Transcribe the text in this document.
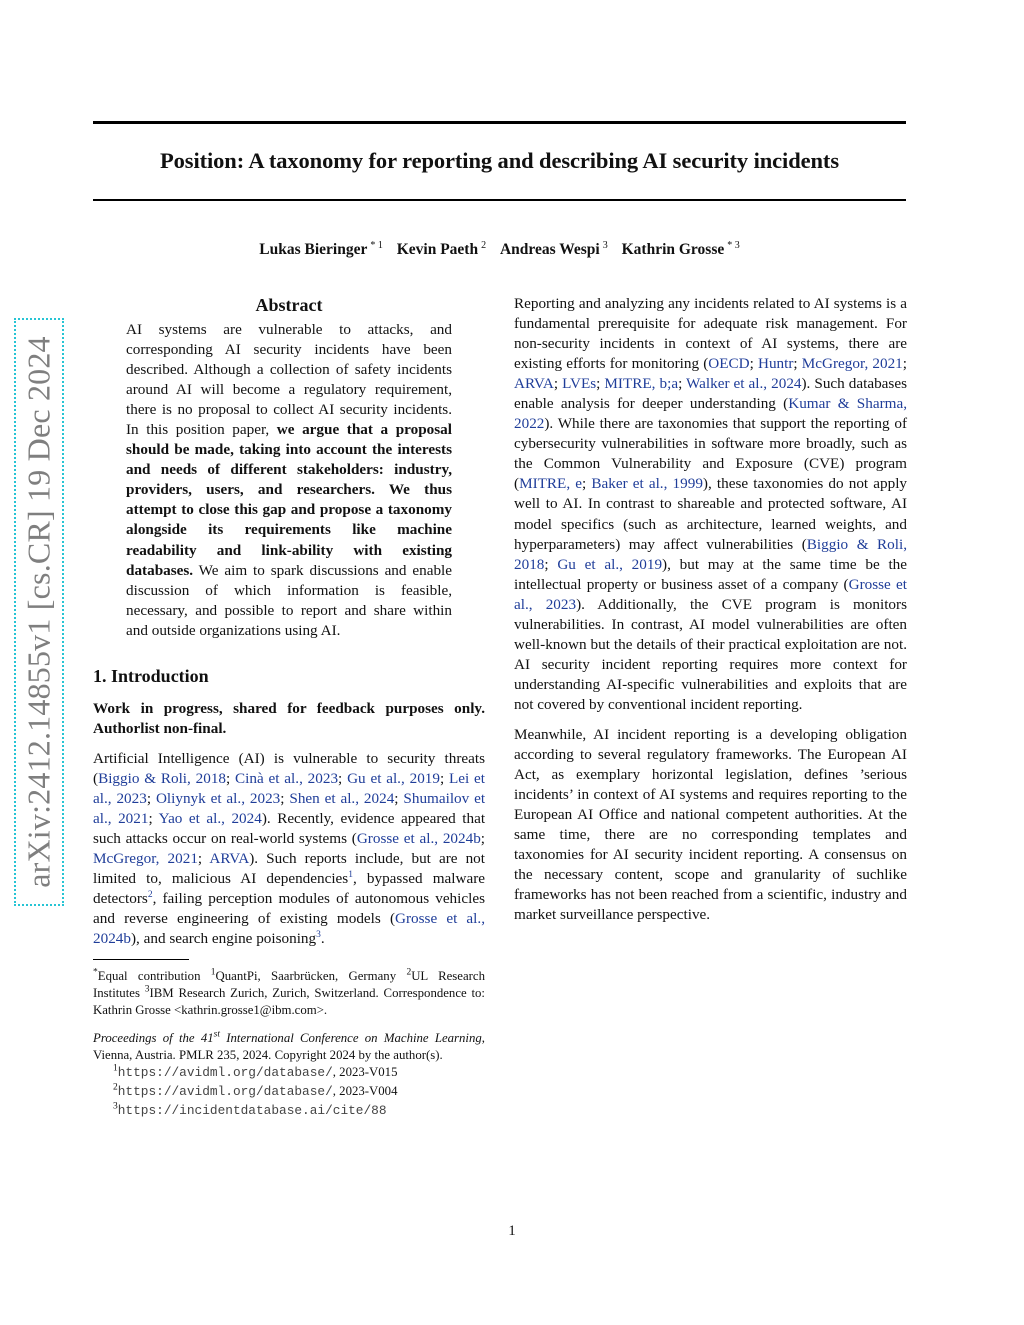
Position: A taxonomy for reporting and describing AI security incidents
Lukas Bieringer $^{* 1}$ Kevin Paeth $^2$ Andreas Wespi $^3$ Kathrin Grosse $^{* 3}$
arXiv:2412.14855v1 [cs.CR] 19 Dec 2024
Abstract

AI systems are vulnerable to attacks, and corresponding AI security incidents have been described. Although a collection of safety incidents around AI will become a regulatory requirement, there is no proposal to collect AI security incidents. In this position paper, we argue that a proposal should be made, taking into account the interests and needs of different stakeholders: industry, providers, users, and researchers. We thus attempt to close this gap and propose a taxonomy alongside its requirements like machine readability and link-ability with existing databases. We aim to spark discussions and enable discussion of which information is feasible, necessary, and possible to report and share within and outside organizations using AI.

1. Introduction

Work in progress, shared for feedback purposes only. Authorlist non-final.

Artificial Intelligence (AI) is vulnerable to security threats (Biggio & Roli, 2018; Cinà et al., 2023; Gu et al., 2019; Lei et al., 2023; Oliynyk et al., 2023; Shen et al., 2024; Shumailov et al., 2021; Yao et al., 2024). Recently, evidence appeared that such attacks occur on real-world systems (Grosse et al., 2024b; McGregor, 2021; ARVA). Such reports include, but are not limited to, malicious AI dependencies$^1$, bypassed malware detectors$^2$, failing perception modules of autonomous vehicles and reverse engineering of existing models (Grosse et al., 2024b), and search engine poisoning$^3$.

*Equal contribution $^1$QuantPi, Saarbrücken, Germany $^2$UL Research Institutes $^3$IBM Research Zurich, Zurich, Switzerland. Correspondence to: Kathrin Grosse <kathrin.grosse1@ibm.com>.

Proceedings of the 41st International Conference on Machine Learning, Vienna, Austria. PMLR 235, 2024. Copyright 2024 by the author(s).

$^1$https://avidml.org/database/, 2023-V015

$^2$https://avidml.org/database/, 2023-V004

$^3$https://incidentdatabase.ai/cite/88

Reporting and analyzing any incidents related to AI systems is a fundamental prerequisite for adequate risk management. For non-security incidents in context of AI systems, there are existing efforts for monitoring (OECD; Huntr; McGregor, 2021; ARVA; LVEs; MITRE, b;a; Walker et al., 2024). Such databases enable analysis for deeper understanding (Kumar & Sharma, 2022). While there are taxonomies that support the reporting of cybersecurity vulnerabilities in software more broadly, such as the Common Vulnerability and Exposure (CVE) program (MITRE, e; Baker et al., 1999), these taxonomies do not apply well to AI. In contrast to shareable and protected software, AI model specifics (such as architecture, learned weights, and hyperparameters) may affect vulnerabilities (Biggio & Roli, 2018; Gu et al., 2019), but may at the same time be the intellectual property or business asset of a company (Grosse et al., 2023). Additionally, the CVE program is monitors vulnerabilities. In contrast, AI model vulnerabilities are often well-known but the details of their practical exploitation are not. AI security incident reporting requires more context for understanding AI-specific vulnerabilities and exploits that are not covered by conventional incident reporting.

Meanwhile, AI incident reporting is a developing obligation according to several regulatory frameworks. The European AI Act, as exemplary horizontal legislation, defines ’serious incidents’ in context of AI systems and requires reporting to the European AI Office and national competent authorities. At the same time, there are no corresponding templates and taxonomies for AI security incident reporting. A consensus on the necessary content, scope and granularity of suchlike frameworks has not been reached from a scientific, industry and market surveillance perspective.

1
